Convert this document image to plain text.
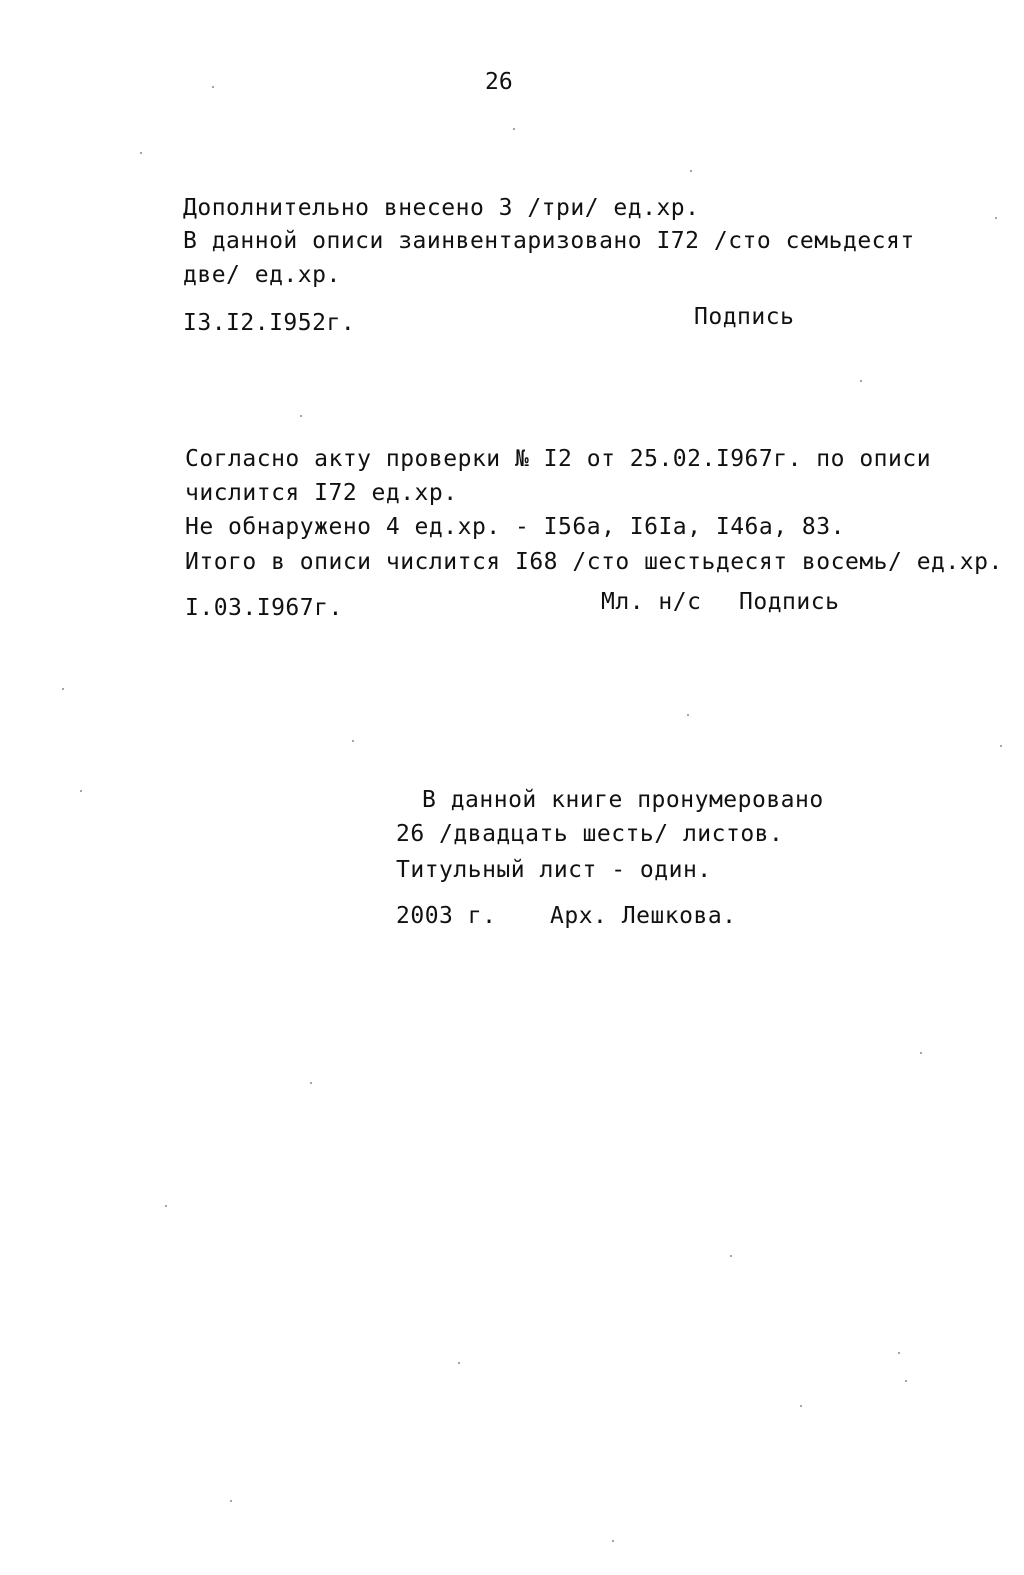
26
Дополнительно внесено 3 /три/ ед.хр.
В данной описи заинвентаризовано I72 /сто семьдесят
две/ ед.хр.
I3.I2.I952г.	Подпись
Согласно акту проверки № I2 от 25.02.I967г. по описи
числится I72 ед.хр.
Не обнаружено 4 ед.хр. - I56а, I6Iа, I46а, 8З.
Итого в описи числится I68 /сто шестьдесят восемь/ ед.хр.
I.03.I967г.	Мл. н/с Подпись
В данной книге пронумеровано
26 /двадцать шесть/ листов.
Титульный лист - один.
2003 г. Арх. Лешкова.
